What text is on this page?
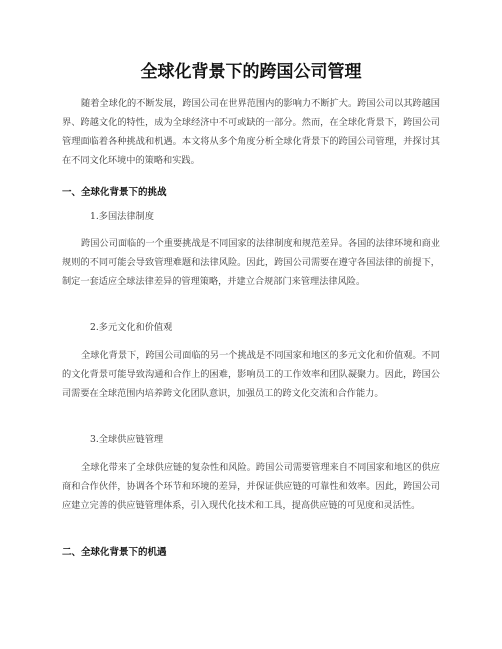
全球化背景下的跨国公司管理
随着全球化的不断发展，跨国公司在世界范围内的影响力不断扩大。跨国公司以其跨越国界、跨越文化的特性，成为全球经济中不可或缺的一部分。然而，在全球化背景下，跨国公司管理面临着各种挑战和机遇。本文将从多个角度分析全球化背景下的跨国公司管理，并探讨其在不同文化环境中的策略和实践。
一、全球化背景下的挑战
1.多国法律制度
跨国公司面临的一个重要挑战是不同国家的法律制度和规范差异。各国的法律环境和商业规则的不同可能会导致管理难题和法律风险。因此，跨国公司需要在遵守各国法律的前提下，制定一套适应全球法律差异的管理策略，并建立合规部门来管理法律风险。
2.多元文化和价值观
全球化背景下，跨国公司面临的另一个挑战是不同国家和地区的多元文化和价值观。不同的文化背景可能导致沟通和合作上的困难，影响员工的工作效率和团队凝聚力。因此，跨国公司需要在全球范围内培养跨文化团队意识，加强员工的跨文化交流和合作能力。
3.全球供应链管理
全球化带来了全球供应链的复杂性和风险。跨国公司需要管理来自不同国家和地区的供应商和合作伙伴，协调各个环节和环境的差异，并保证供应链的可靠性和效率。因此，跨国公司应建立完善的供应链管理体系，引入现代化技术和工具，提高供应链的可见度和灵活性。
二、全球化背景下的机遇
